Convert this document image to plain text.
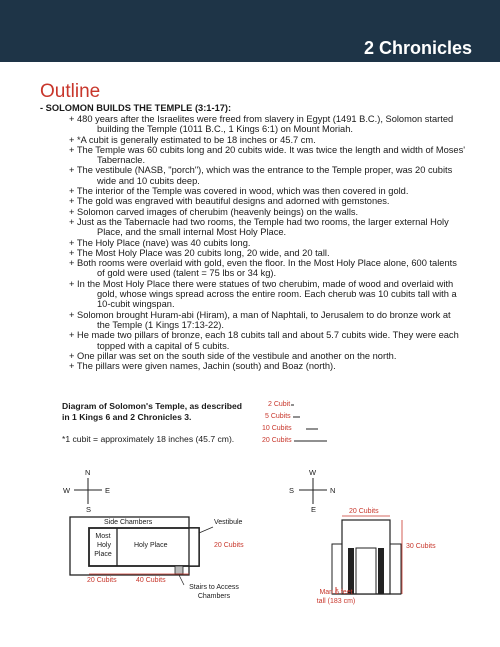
2 Chronicles
Outline
- SOLOMON BUILDS THE TEMPLE (3:1-17):
+ 480 years after the Israelites were freed from slavery in Egypt (1491 B.C.), Solomon started building the Temple (1011 B.C., 1 Kings 6:1) on Mount Moriah.
+ *A cubit is generally estimated to be 18 inches or 45.7 cm.
+ The Temple was 60 cubits long and 20 cubits wide. It was twice the length and width of Moses' Tabernacle.
+ The vestibule (NASB, "porch"), which was the entrance to the Temple proper, was 20 cubits wide and 10 cubits deep.
+ The interior of the Temple was covered in wood, which was then covered in gold.
+ The gold was engraved with beautiful designs and adorned with gemstones.
+ Solomon carved images of cherubim (heavenly beings) on the walls.
+ Just as the Tabernacle had two rooms, the Temple had two rooms, the larger external Holy Place, and the small internal Most Holy Place.
+ The Holy Place (nave) was 40 cubits long.
+ The Most Holy Place was 20 cubits long, 20 wide, and 20 tall.
+ Both rooms were overlaid with gold, even the floor. In the Most Holy Place alone, 600 talents of gold were used (talent = 75 lbs or 34 kg).
+ In the Most Holy Place there were statues of two cherubim, made of wood and overlaid with gold, whose wings spread across the entire room. Each cherub was 10 cubits tall with a 10-cubit wingspan.
+ Solomon brought Huram-abi (Hiram), a man of Naphtali, to Jerusalem to do bronze work at the Temple (1 Kings 17:13-22).
+ He made two pillars of bronze, each 18 cubits tall and about 5.7 cubits wide. They were each topped with a capital of 5 cubits.
+ One pillar was set on the south side of the vestibule and another on the north.
+ The pillars were given names, Jachin (south) and Boaz (north).
Diagram of Solomon's Temple, as described in 1 Kings 6 and 2 Chronicles 3.
*1 cubit = approximately 18 inches (45.7 cm).
2 Cubit
5 Cubits
10 Cubits
20 Cubits
N
S
W	E
Side Chambers	Vestibule
Most
Holy
Place
Holy Place	20 Cubits
20 Cubits	40 Cubits
Stairs to Access
Chambers
W
E
S	N
20 Cubits
30 Cubits
Man 6 feet
tall (183 cm)
